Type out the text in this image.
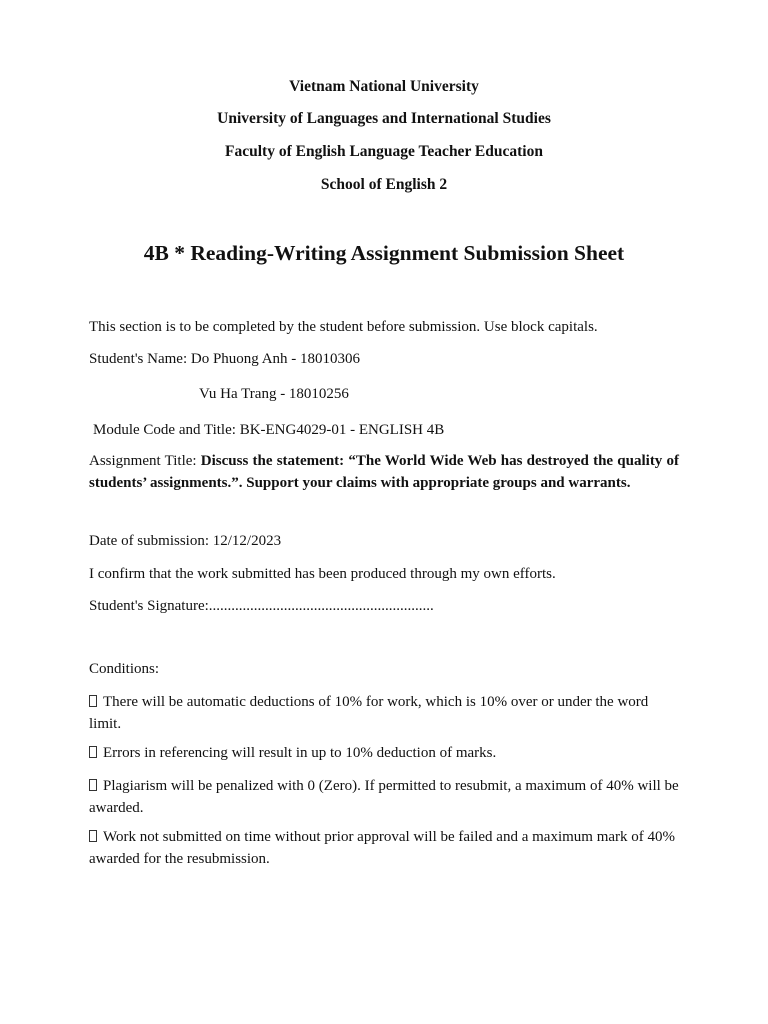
Vietnam National University
University of Languages and International Studies
Faculty of English Language Teacher Education
School of English 2
4B * Reading-Writing Assignment Submission Sheet
This section is to be completed by the student before submission. Use block capitals.
Student's Name: Do Phuong Anh - 18010306
Vu Ha Trang - 18010256
Module Code and Title: BK-ENG4029-01 - ENGLISH 4B
Assignment Title: Discuss the statement: “The World Wide Web has destroyed the quality of students’ assignments.”. Support your claims with appropriate groups and warrants.
Date of submission: 12/12/2023
I confirm that the work submitted has been produced through my own efforts.
Student's Signature:............................................................
Conditions:
There will be automatic deductions of 10% for work, which is 10% over or under the word limit.
Errors in referencing will result in up to 10% deduction of marks.
Plagiarism will be penalized with 0 (Zero). If permitted to resubmit, a maximum of 40% will be awarded.
Work not submitted on time without prior approval will be failed and a maximum mark of 40% awarded for the resubmission.
